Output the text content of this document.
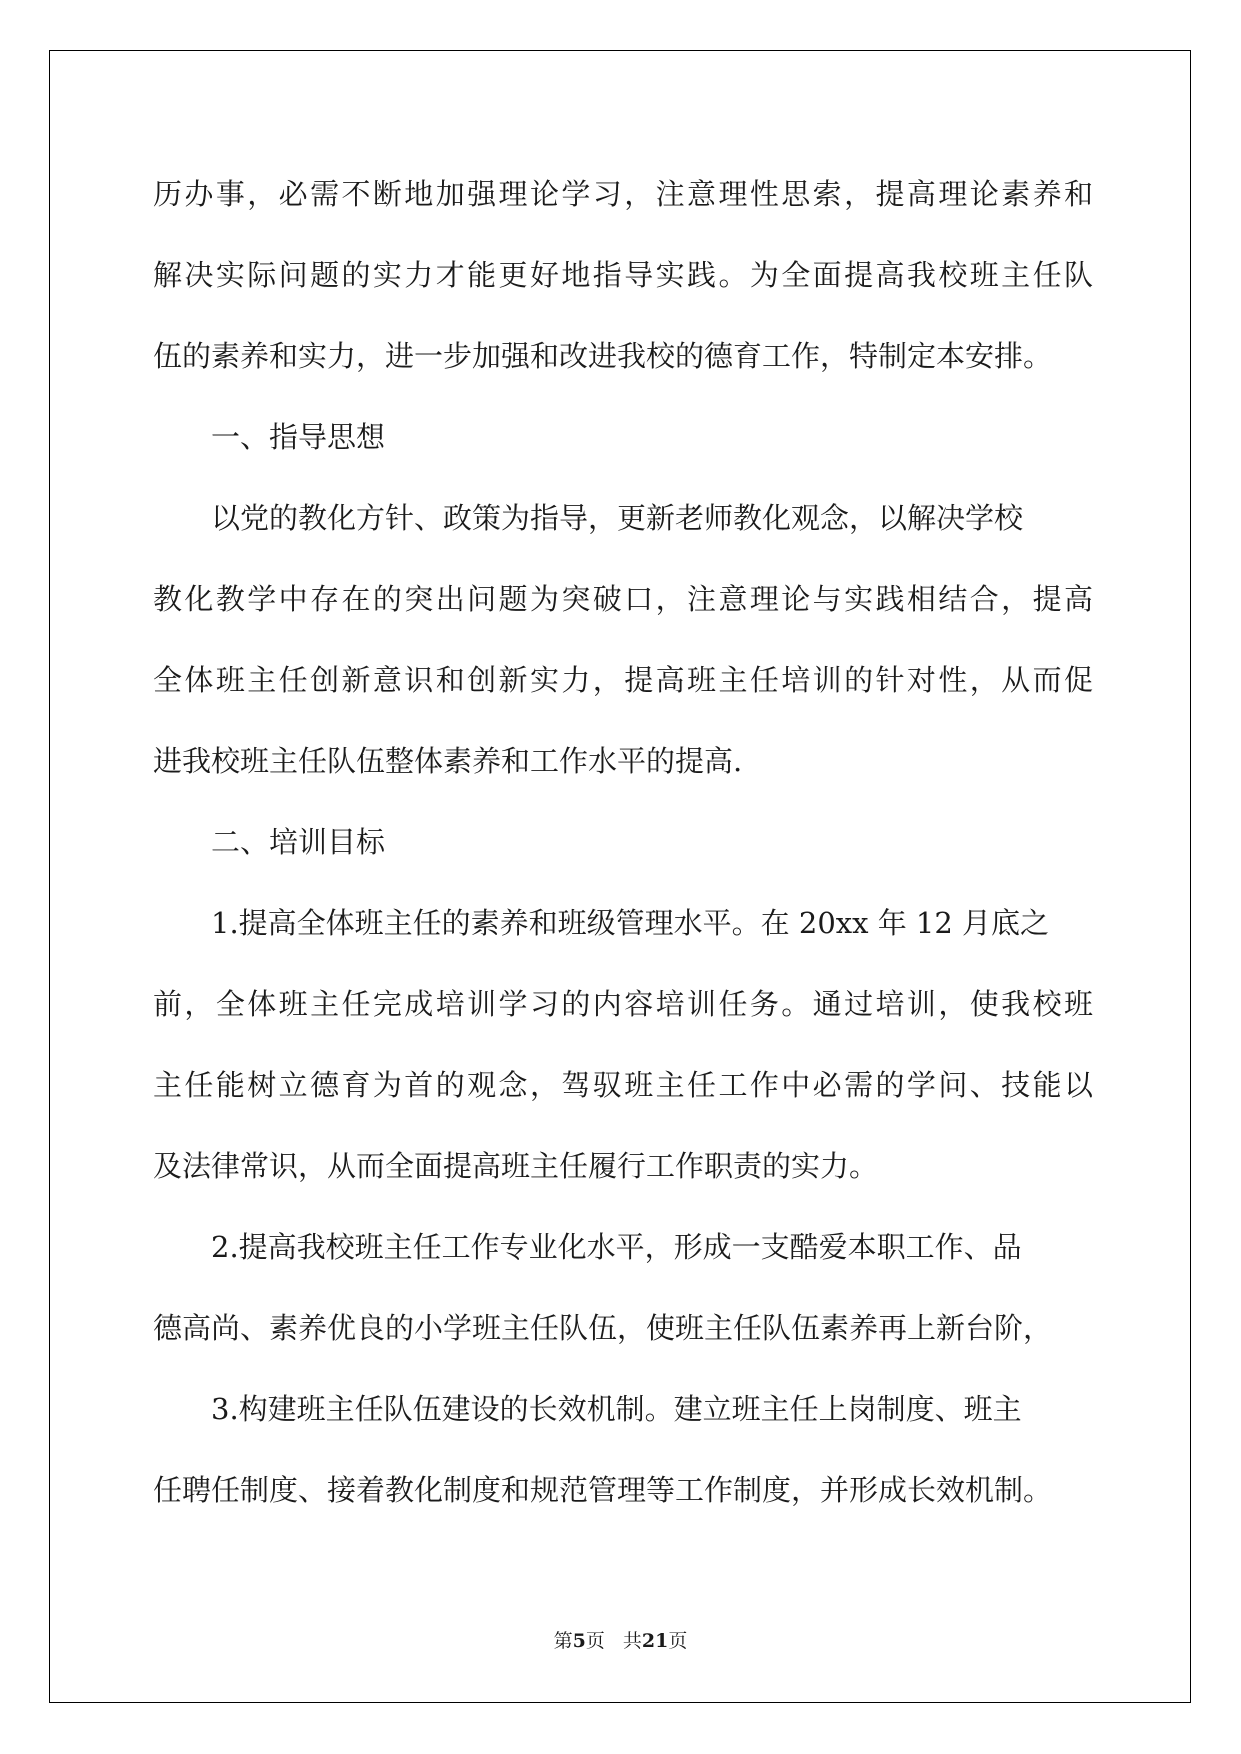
历办事，必需不断地加强理论学习，注意理性思索，提高理论素养和
解决实际问题的实力才能更好地指导实践。为全面提高我校班主任队
伍的素养和实力，进一步加强和改进我校的德育工作，特制定本安排。
一、指导思想
以党的教化方针、政策为指导，更新老师教化观念，以解决学校
教化教学中存在的突出问题为突破口，注意理论与实践相结合，提高
全体班主任创新意识和创新实力，提高班主任培训的针对性，从而促
进我校班主任队伍整体素养和工作水平的提高.
二、培训目标
1.提高全体班主任的素养和班级管理水平。在 20xx 年 12 月底之
前，全体班主任完成培训学习的内容培训任务。通过培训，使我校班
主任能树立德育为首的观念，驾驭班主任工作中必需的学问、技能以
及法律常识，从而全面提高班主任履行工作职责的实力。
2.提高我校班主任工作专业化水平，形成一支酷爱本职工作、品
德高尚、素养优良的小学班主任队伍，使班主任队伍素养再上新台阶，
3.构建班主任队伍建设的长效机制。建立班主任上岗制度、班主
任聘任制度、接着教化制度和规范管理等工作制度，并形成长效机制。
第5页 共21页
